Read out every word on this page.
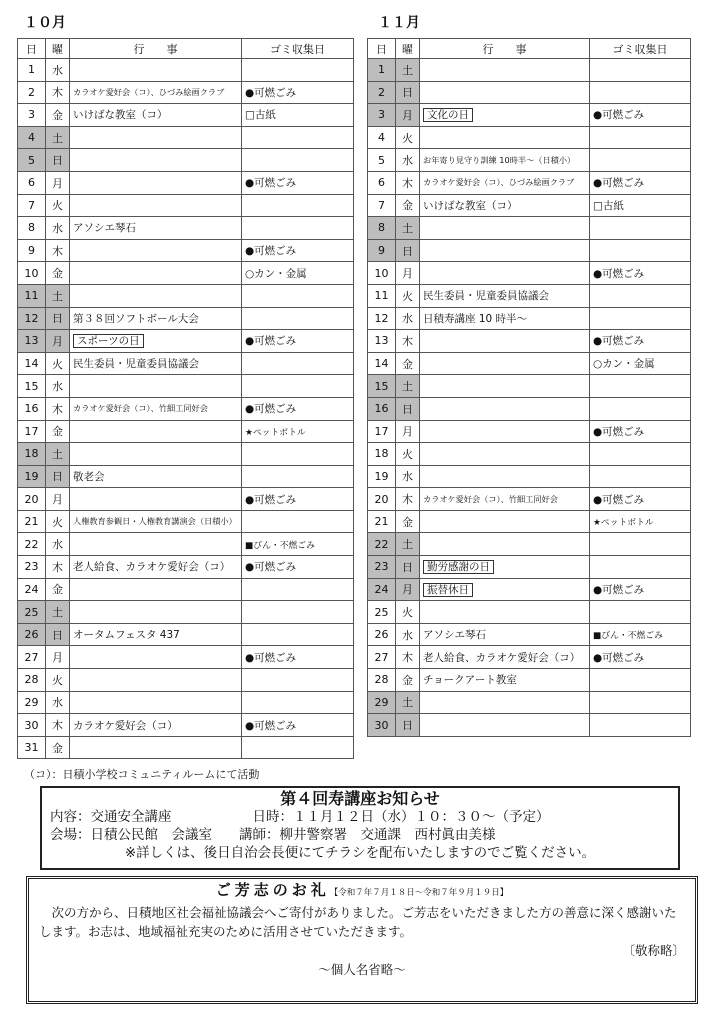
１０月
日	曜	行　　事	ゴミ収集日
1	水		
2	木	カラオケ愛好会（コ）、ひづみ絵画クラブ	●可燃ごみ
3	金	いけばな教室（コ）	□古紙
4	土		
5	日		
6	月		●可燃ごみ
7	火		
8	水	アソシエ琴石	
9	木		●可燃ごみ
10	金		○カン・金属
11	土		
12	日	第３８回ソフトボール大会	
13	月	スポーツの日	●可燃ごみ
14	火	民生委員・児童委員協議会	
15	水		
16	木	カラオケ愛好会（コ）、竹細工同好会	●可燃ごみ
17	金		★ペットボトル
18	土		
19	日	敬老会	
20	月		●可燃ごみ
21	火	人権教育参観日・人権教育講演会（日積小）	
22	水		■びん・不燃ごみ
23	木	老人給食、カラオケ愛好会（コ）	●可燃ごみ
24	金		
25	土		
26	日	オータムフェスタ 437	
27	月		●可燃ごみ
28	火		
29	水		
30	木	カラオケ愛好会（コ）	●可燃ごみ
31	金		
１１月
日	曜	行　　事	ゴミ収集日
1	土		
2	日		
3	月	文化の日	●可燃ごみ
4	火		
5	水	お年寄り見守り訓練 10時半～（日積小）	
6	木	カラオケ愛好会（コ）、ひづみ絵画クラブ	●可燃ごみ
7	金	いけばな教室（コ）	□古紙
8	土		
9	日		
10	月		●可燃ごみ
11	火	民生委員・児童委員協議会	
12	水	日積寿講座 10 時半～	
13	木		●可燃ごみ
14	金		○カン・金属
15	土		
16	日		
17	月		●可燃ごみ
18	火		
19	水		
20	木	カラオケ愛好会（コ）、竹細工同好会	●可燃ごみ
21	金		★ペットボトル
22	土		
23	日	勤労感謝の日	
24	月	振替休日	●可燃ごみ
25	火		
26	水	アソシエ琴石	■びん・不燃ごみ
27	木	老人給食、カラオケ愛好会（コ）	●可燃ごみ
28	金	チョークアート教室	
29	土		
30	日		
（コ）：日積小学校コミュニティルームにて活動
第４回寿講座お知らせ
内容：交通安全講座　　　　　　日時：１１月１２日（水）１０：３０～（予定）
会場：日積公民館　会議室　　講師：柳井警察署　交通課　西村眞由美様
※詳しくは、後日自治会長便にてチラシを配布いたしますのでご覧ください。
ご芳志のお礼【令和７年７月１８日～令和７年９月１９日】
　次の方から、日積地区社会福祉協議会へご寄付がありました。ご芳志をいただきました方の善意に深く感謝いたします。お志は、地域福祉充実のために活用させていただきます。
〔敬称略〕
～個人名省略～
